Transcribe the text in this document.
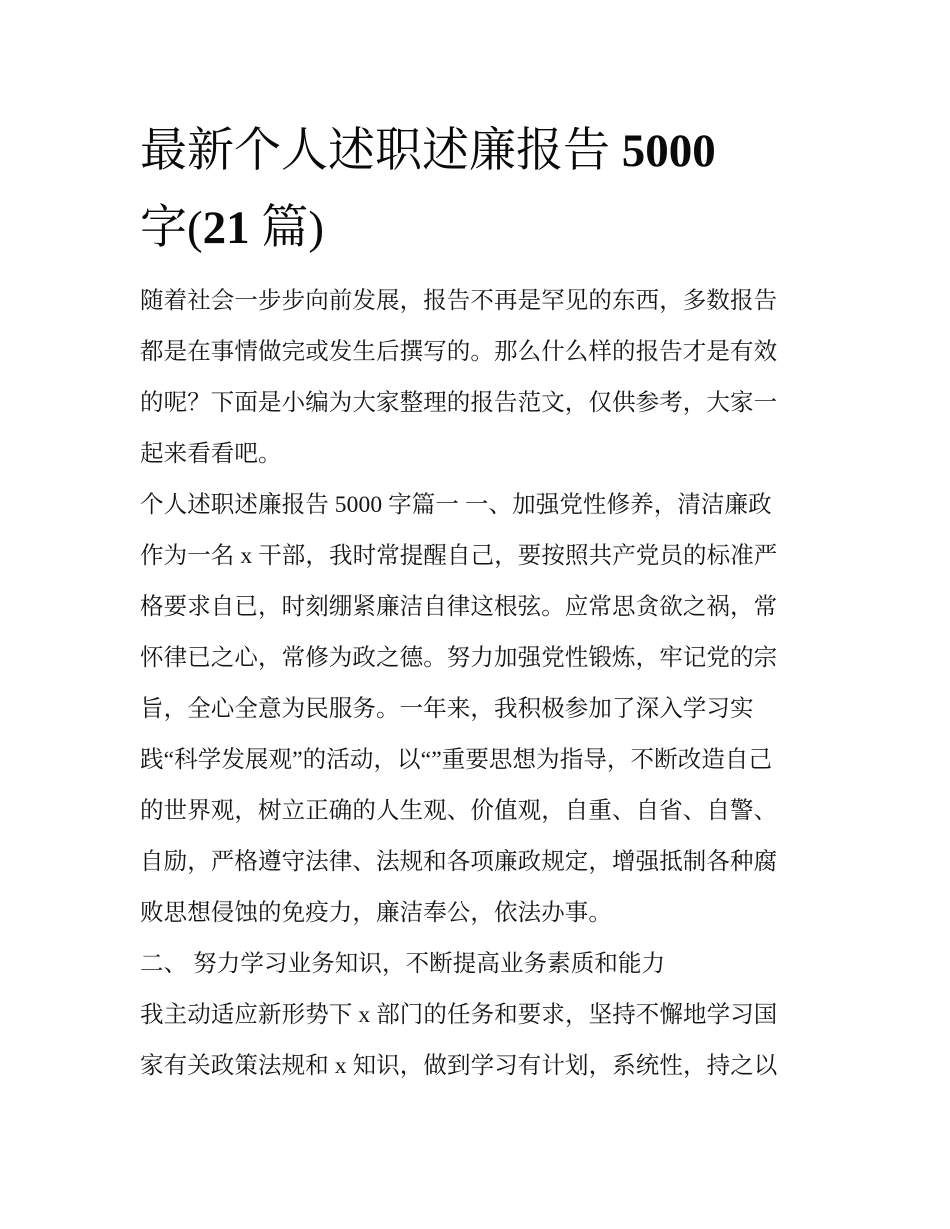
最新个人述职述廉报告 5000
字(21 篇)
随着社会一步步向前发展，报告不再是罕见的东西，多数报告
都是在事情做完或发生后撰写的。那么什么样的报告才是有效
的呢？下面是小编为大家整理的报告范文，仅供参考，大家一
起来看看吧。
个人述职述廉报告 5000 字篇一 一、加强党性修养，清洁廉政
作为一名 x 干部，我时常提醒自己，要按照共产党员的标准严
格要求自已，时刻绷紧廉洁自律这根弦。应常思贪欲之祸，常
怀律已之心，常修为政之德。努力加强党性锻炼，牢记党的宗
旨，全心全意为民服务。一年来，我积极参加了深入学习实
践“科学发展观”的活动，以“”重要思想为指导，不断改造自己
的世界观，树立正确的人生观、价值观，自重、自省、自警、
自励，严格遵守法律、法规和各项廉政规定，增强抵制各种腐
败思想侵蚀的免疫力，廉洁奉公，依法办事。
二、 努力学习业务知识，不断提高业务素质和能力
我主动适应新形势下 x 部门的任务和要求，坚持不懈地学习国
家有关政策法规和 x 知识，做到学习有计划，系统性，持之以
